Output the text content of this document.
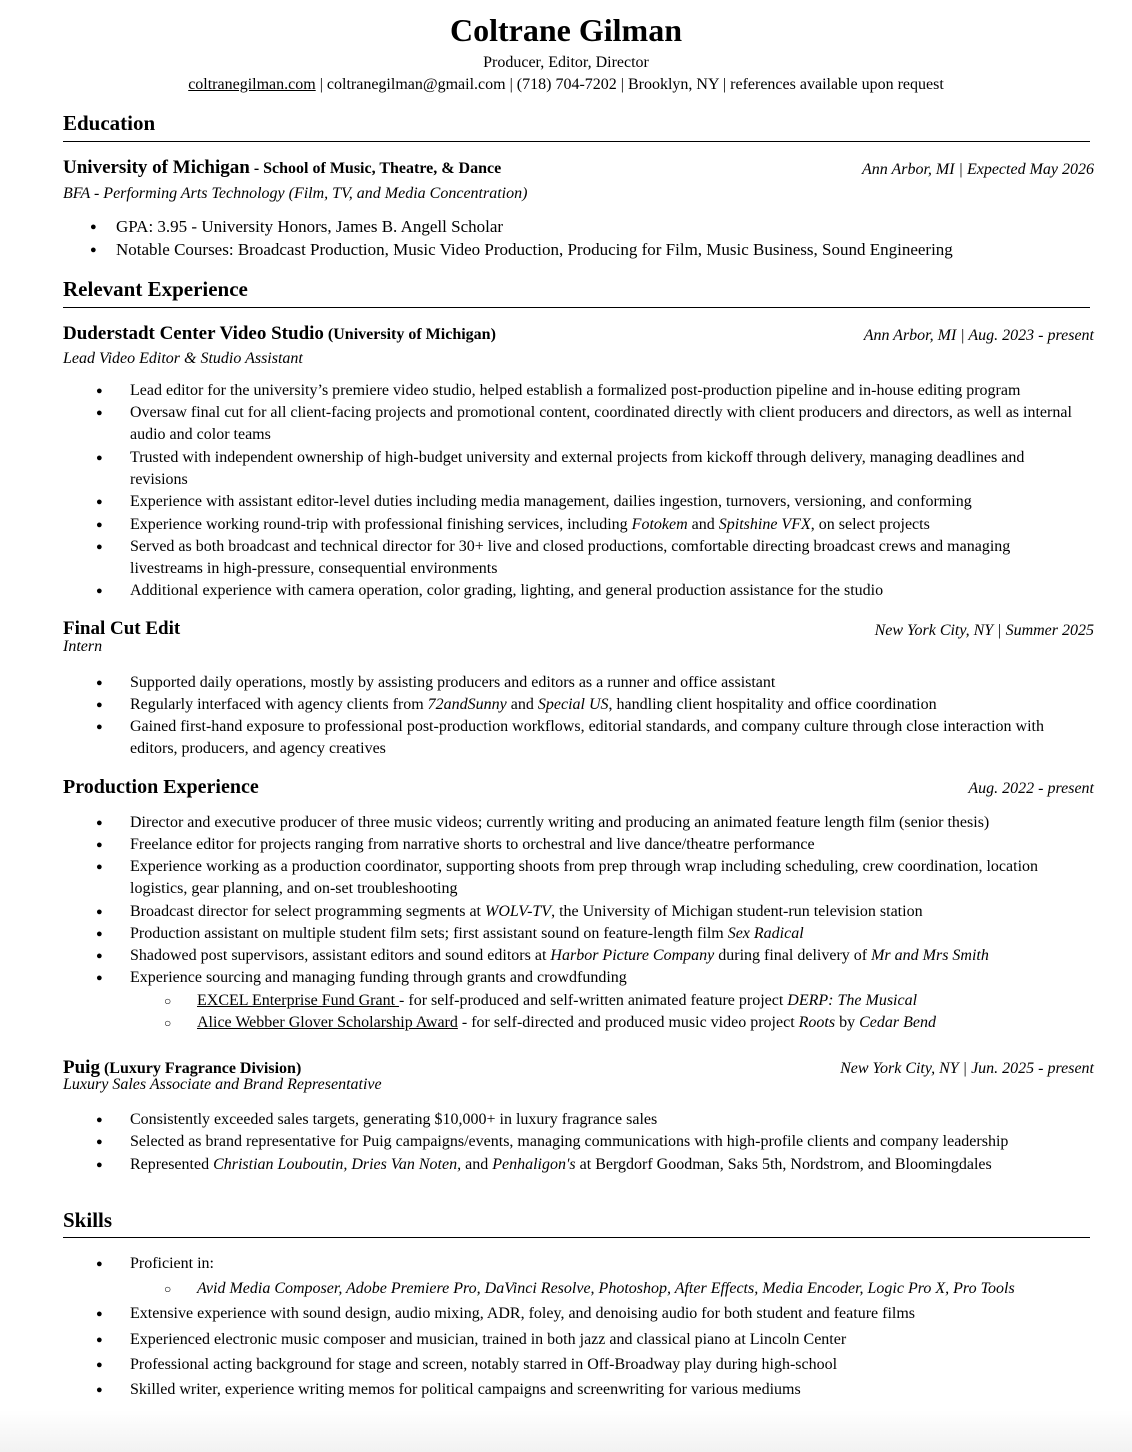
Coltrane Gilman
Producer, Editor, Director
coltranegilman.com | coltranegilman@gmail.com | (718) 704-7202 | Brooklyn, NY | references available upon request
Education
University of Michigan - School of Music, Theatre, & Dance	Ann Arbor, MI | Expected May 2026
BFA - Performing Arts Technology (Film, TV, and Media Concentration)
● GPA: 3.95 - University Honors, James B. Angell Scholar
● Notable Courses: Broadcast Production, Music Video Production, Producing for Film, Music Business, Sound Engineering
Relevant Experience
Duderstadt Center Video Studio (University of Michigan)	Ann Arbor, MI | Aug. 2023 - present
Lead Video Editor & Studio Assistant
● Lead editor for the university’s premiere video studio, helped establish a formalized post-production pipeline and in-house editing program
● Oversaw final cut for all client-facing projects and promotional content, coordinated directly with client producers and directors, as well as internal audio and color teams
● Trusted with independent ownership of high-budget university and external projects from kickoff through delivery, managing deadlines and revisions
● Experience with assistant editor-level duties including media management, dailies ingestion, turnovers, versioning, and conforming
● Experience working round-trip with professional finishing services, including Fotokem and Spitshine VFX, on select projects
● Served as both broadcast and technical director for 30+ live and closed productions, comfortable directing broadcast crews and managing livestreams in high-pressure, consequential environments
● Additional experience with camera operation, color grading, lighting, and general production assistance for the studio
Final Cut Edit	New York City, NY | Summer 2025
Intern
● Supported daily operations, mostly by assisting producers and editors as a runner and office assistant
● Regularly interfaced with agency clients from 72andSunny and Special US, handling client hospitality and office coordination
● Gained first-hand exposure to professional post-production workflows, editorial standards, and company culture through close interaction with editors, producers, and agency creatives
Production Experience	Aug. 2022 - present
● Director and executive producer of three music videos; currently writing and producing an animated feature length film (senior thesis)
● Freelance editor for projects ranging from narrative shorts to orchestral and live dance/theatre performance
● Experience working as a production coordinator, supporting shoots from prep through wrap including scheduling, crew coordination, location logistics, gear planning, and on-set troubleshooting
● Broadcast director for select programming segments at WOLV-TV, the University of Michigan student-run television station
● Production assistant on multiple student film sets; first assistant sound on feature-length film Sex Radical
● Shadowed post supervisors, assistant editors and sound editors at Harbor Picture Company during final delivery of Mr and Mrs Smith
● Experience sourcing and managing funding through grants and crowdfunding
○ EXCEL Enterprise Fund Grant - for self-produced and self-written animated feature project DERP: The Musical
○ Alice Webber Glover Scholarship Award - for self-directed and produced music video project Roots by Cedar Bend
Puig (Luxury Fragrance Division)	New York City, NY | Jun. 2025 - present
Luxury Sales Associate and Brand Representative
● Consistently exceeded sales targets, generating $10,000+ in luxury fragrance sales
● Selected as brand representative for Puig campaigns/events, managing communications with high-profile clients and company leadership
● Represented Christian Louboutin, Dries Van Noten, and Penhaligon's at Bergdorf Goodman, Saks 5th, Nordstrom, and Bloomingdales
Skills
● Proficient in:
○ Avid Media Composer, Adobe Premiere Pro, DaVinci Resolve, Photoshop, After Effects, Media Encoder, Logic Pro X, Pro Tools
● Extensive experience with sound design, audio mixing, ADR, foley, and denoising audio for both student and feature films
● Experienced electronic music composer and musician, trained in both jazz and classical piano at Lincoln Center
● Professional acting background for stage and screen, notably starred in Off-Broadway play during high-school
● Skilled writer, experience writing memos for political campaigns and screenwriting for various mediums
